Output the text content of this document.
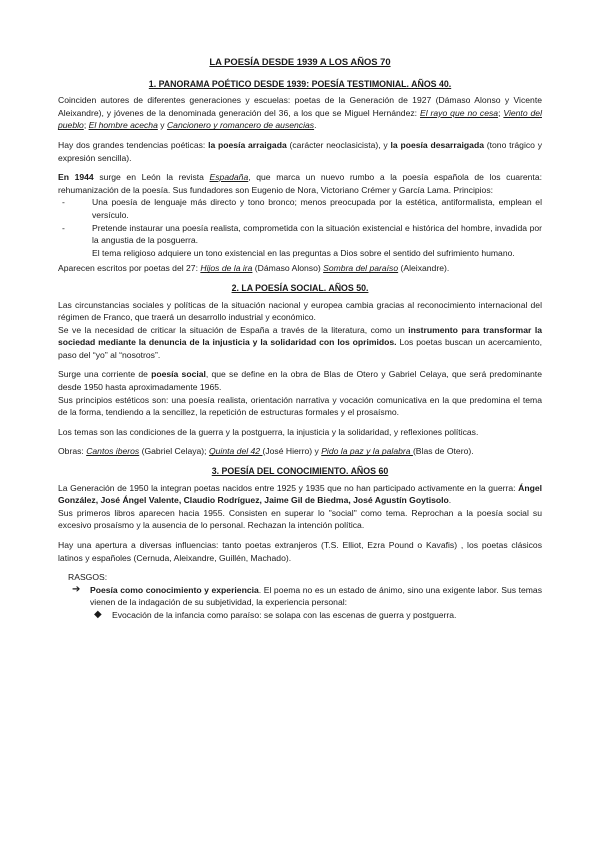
LA POESÍA DESDE 1939 A LOS AÑOS 70
1. PANORAMA POÉTICO DESDE 1939: POESÍA TESTIMONIAL. AÑOS 40.

Coinciden autores de diferentes generaciones y escuelas: poetas de la Generación de 1927 (Dámaso Alonso y Vicente Aleixandre), y jóvenes de la denominada generación del 36, a los que se Miguel Hernández: El rayo que no cesa; Viento del pueblo; El hombre acecha y Cancionero y romancero de ausencias.

Hay dos grandes tendencias poéticas: la poesía arraigada (carácter neoclasicista), y la poesía desarraigada (tono trágico y expresión sencilla).

En 1944 surge en León la revista Espadaña, que marca un nuevo rumbo a la poesía española de los cuarenta: rehumanización de la poesía. Sus fundadores son Eugenio de Nora, Victoriano Crémer y García Lama. Principios:

-	Una poesía de lenguaje más directo y tono bronco; menos preocupada por la estética, antiformalista, emplean el versículo.
-	Pretende instaurar una poesía realista, comprometida con la situación existencial e histórica del hombre, invadida por la angustia de la posguerra.
El tema religioso adquiere un tono existencial en las preguntas a Dios sobre el sentido del sufrimiento humano.

Aparecen escritos por poetas del 27: Hijos de la ira (Dámaso Alonso) Sombra del paraíso (Aleixandre).

2. LA POESÍA SOCIAL. AÑOS 50.

Las circunstancias sociales y políticas de la situación nacional y europea cambia gracias al reconocimiento internacional del régimen de Franco, que traerá un desarrollo industrial y económico.

Se ve la necesidad de criticar la situación de España a través de la literatura, como un instrumento para transformar la sociedad mediante la denuncia de la injusticia y la solidaridad con los oprimidos. Los poetas buscan un acercamiento, paso del “yo” al “nosotros”.

Surge una corriente de poesía social, que se define en la obra de Blas de Otero y Gabriel Celaya, que será predominante desde 1950 hasta aproximadamente 1965.

Sus principios estéticos son: una poesía realista, orientación narrativa y vocación comunicativa en la que predomina el tema de la forma, tendiendo a la sencillez, la repetición de estructuras formales y el prosaísmo.

Los temas son las condiciones de la guerra y la postguerra, la injusticia y la solidaridad, y reflexiones políticas.

Obras: Cantos iberos (Gabriel Celaya); Quinta del 42 (José Hierro) y Pido la paz y la palabra (Blas de Otero).

3. POESÍA DEL CONOCIMIENTO. AÑOS 60

La Generación de 1950 la integran poetas nacidos entre 1925 y 1935 que no han participado activamente en la guerra: Ángel González, José Ángel Valente, Claudio Rodríguez, Jaime Gil de Biedma, José Agustín Goytisolo.

Sus primeros libros aparecen hacia 1955. Consisten en superar lo "social" como tema. Reprochan a la poesía social su excesivo prosaísmo y la ausencia de lo personal. Rechazan la intención política.

Hay una apertura a diversas influencias: tanto poetas extranjeros (T.S. Elliot, Ezra Pound o Kavafis) , los poetas clásicos latinos y españoles (Cernuda, Aleixandre, Guillén, Machado).

RASGOS:
➔ Poesía como conocimiento y experiencia. El poema no es un estado de ánimo, sino una exigente labor. Sus temas vienen de la indagación de su subjetividad, la experiencia personal:
◆ Evocación de la infancia como paraíso: se solapa con las escenas de guerra y postguerra.
